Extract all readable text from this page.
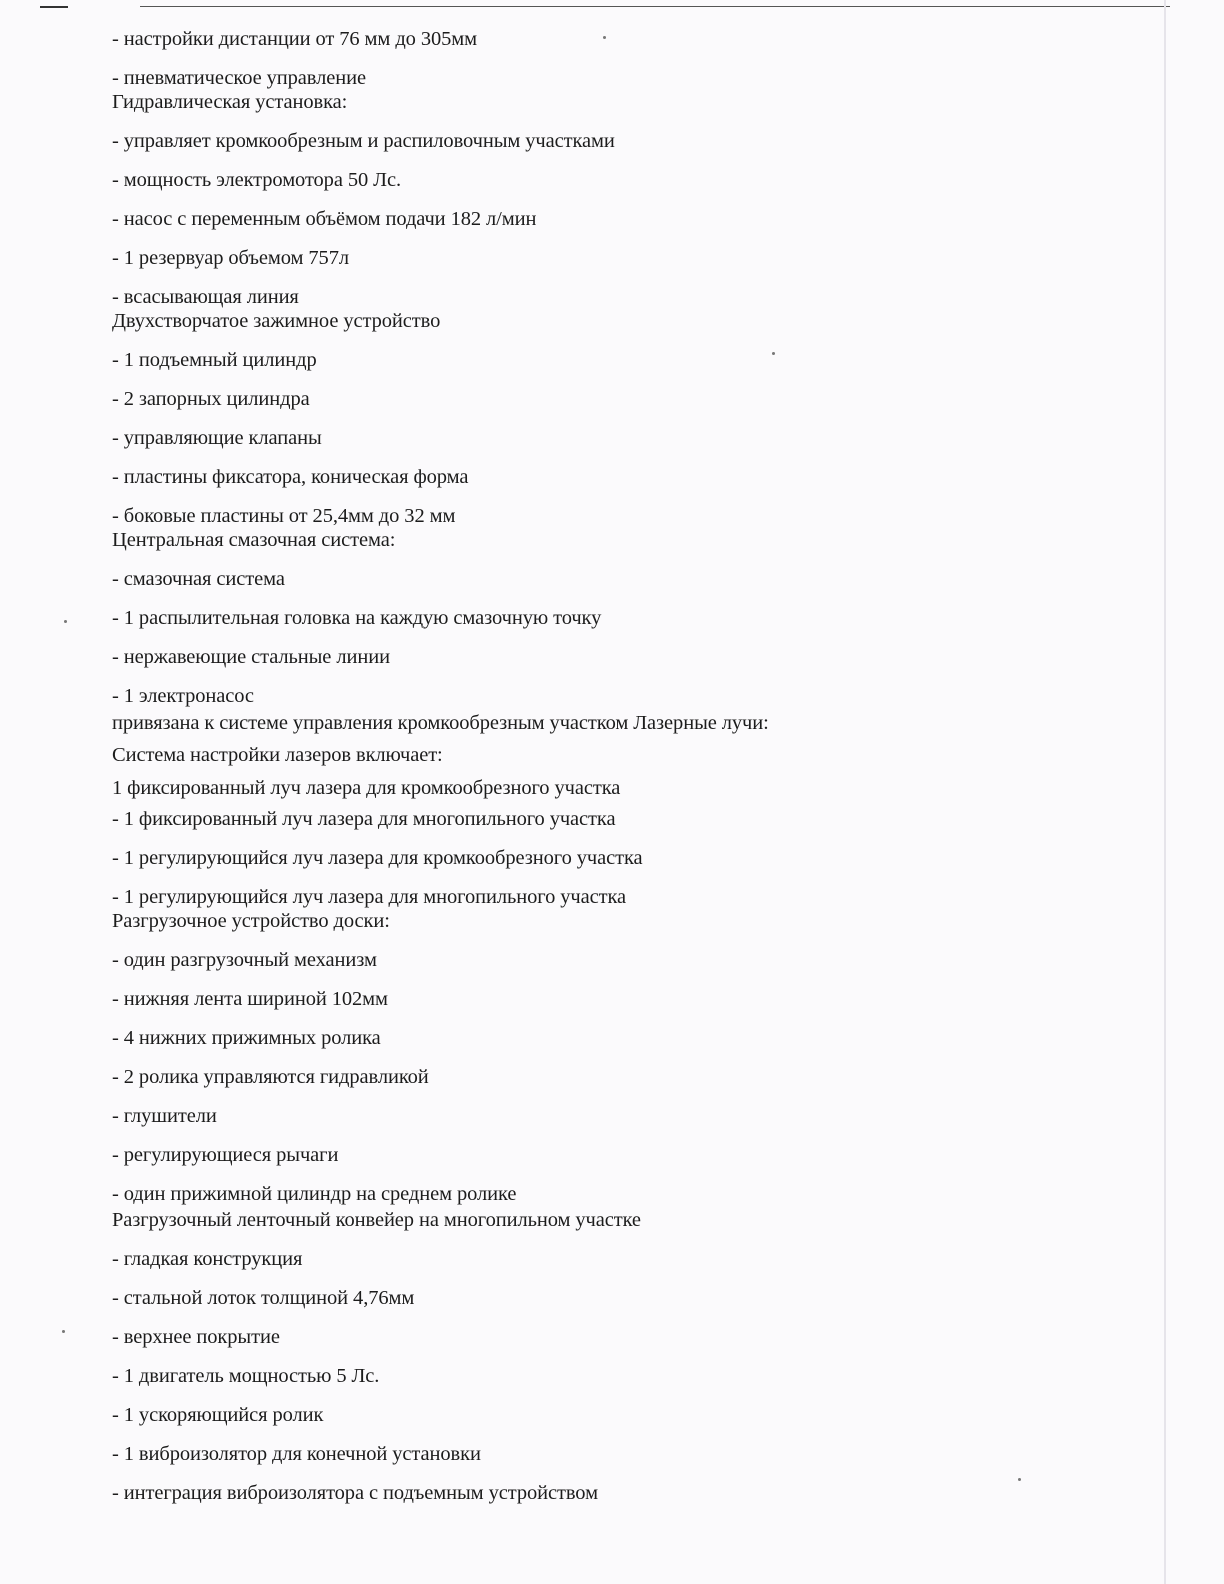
- настройки дистанции от 76 мм до 305мм
- пневматическое управление
Гидравлическая установка:
- управляет кромкообрезным и распиловочным участками
- мощность электромотора 50 Лс.
- насос с переменным объёмом подачи 182 л/мин
- 1 резервуар объемом 757л
- всасывающая линия
Двухстворчатое зажимное устройство
- 1 подъемный цилиндр
- 2 запорных цилиндра
- управляющие клапаны
- пластины фиксатора, коническая форма
- боковые пластины от 25,4мм до 32 мм
Центральная смазочная система:
- смазочная система
- 1 распылительная головка на каждую смазочную точку
- нержавеющие стальные линии
- 1 электронасос
привязана к системе управления кромкообрезным участком Лазерные лучи:
Система настройки лазеров включает:
1 фиксированный луч лазера для кромкообрезного участка
- 1 фиксированный луч лазера для многопильного участка
- 1 регулирующийся луч лазера для кромкообрезного участка
- 1 регулирующийся луч лазера для многопильного участка
Разгрузочное устройство доски:
- один разгрузочный механизм
- нижняя лента шириной 102мм
- 4 нижних прижимных ролика
- 2 ролика управляются гидравликой
- глушители
- регулирующиеся рычаги
- один прижимной цилиндр на среднем ролике
Разгрузочный ленточный конвейер на многопильном участке
- гладкая конструкция
- стальной лоток толщиной 4,76мм
- верхнее покрытие
- 1 двигатель мощностью 5 Лс.
- 1 ускоряющийся ролик
- 1 виброизолятор для конечной установки
- интеграция виброизолятора с подъемным устройством
